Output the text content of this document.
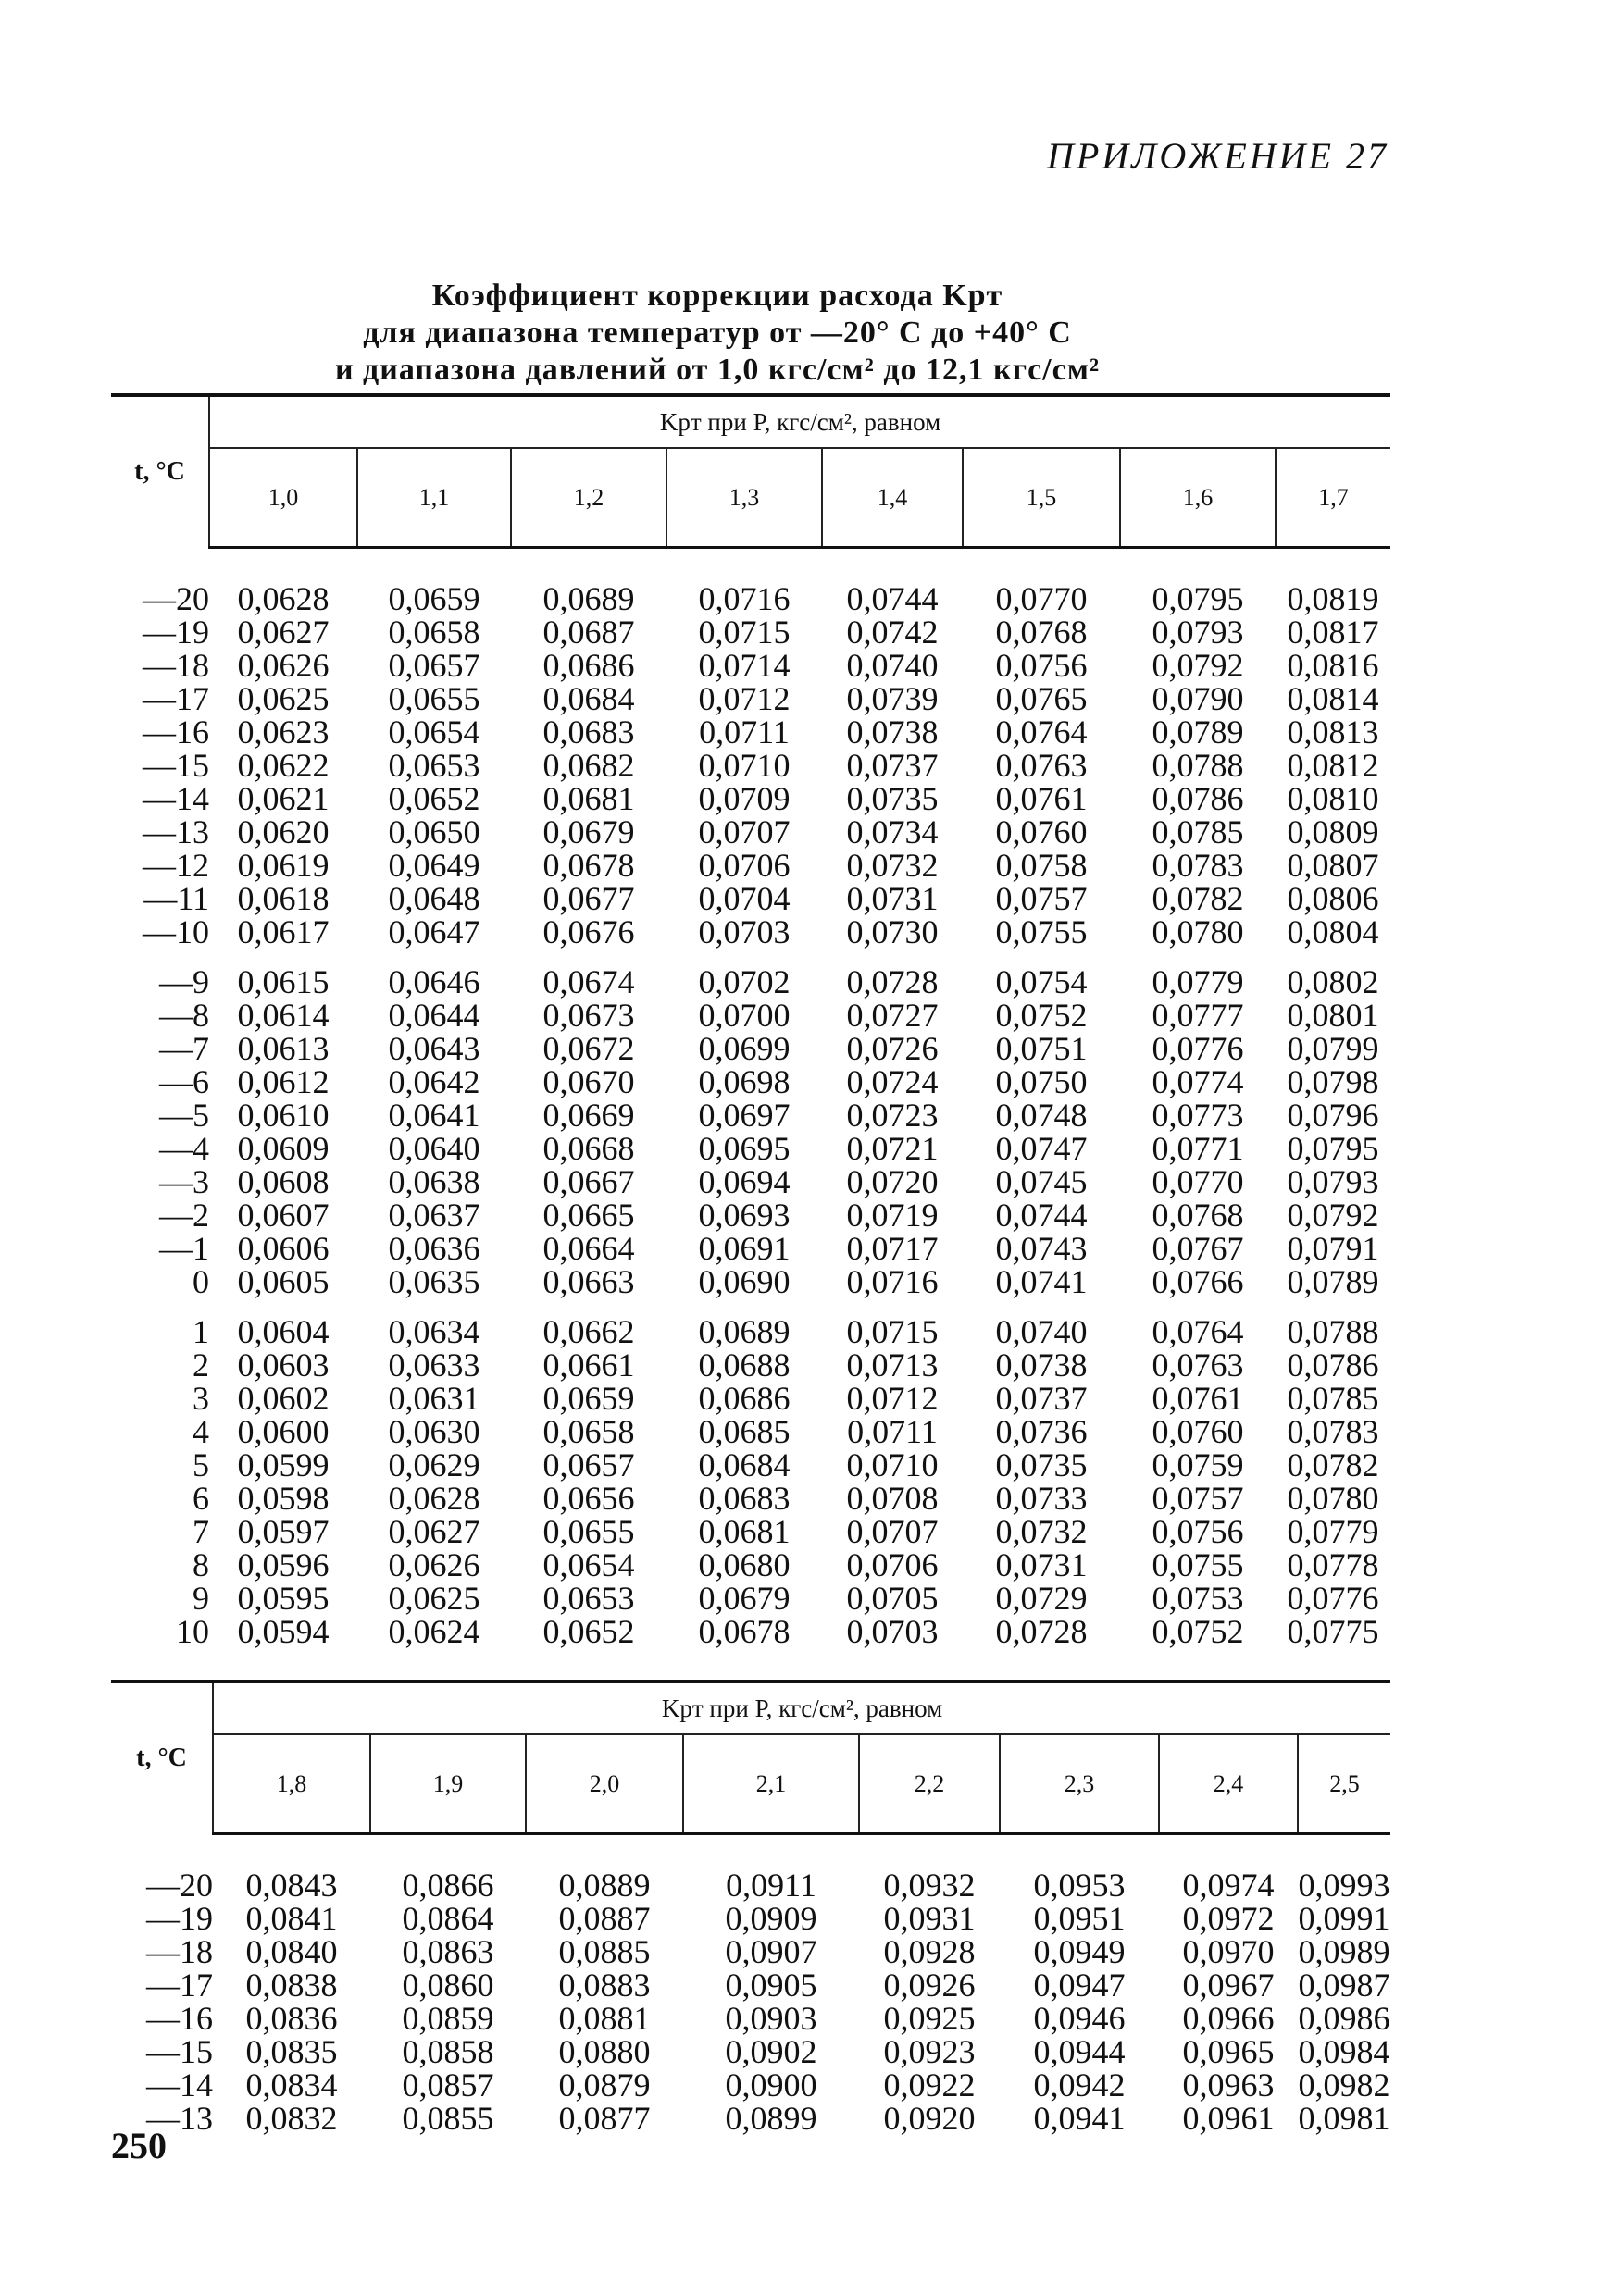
ПРИЛОЖЕНИЕ 27
Коэффициент коррекции расхода Kpт
для диапазона температур от —20° С до +40° С
и диапазона давлений от 1,0 кгс/см² до 12,1 кгс/см²
t, °C	Kpт при P, кгс/см², равном							
	1,0	1,1	1,2	1,3	1,4	1,5	1,6	1,7

—20	0,0628	0,0659	0,0689	0,0716	0,0744	0,0770	0,0795	0,0819
—19	0,0627	0,0658	0,0687	0,0715	0,0742	0,0768	0,0793	0,0817
—18	0,0626	0,0657	0,0686	0,0714	0,0740	0,0756	0,0792	0,0816
—17	0,0625	0,0655	0,0684	0,0712	0,0739	0,0765	0,0790	0,0814
—16	0,0623	0,0654	0,0683	0,0711	0,0738	0,0764	0,0789	0,0813
—15	0,0622	0,0653	0,0682	0,0710	0,0737	0,0763	0,0788	0,0812
—14	0,0621	0,0652	0,0681	0,0709	0,0735	0,0761	0,0786	0,0810
—13	0,0620	0,0650	0,0679	0,0707	0,0734	0,0760	0,0785	0,0809
—12	0,0619	0,0649	0,0678	0,0706	0,0732	0,0758	0,0783	0,0807
—11	0,0618	0,0648	0,0677	0,0704	0,0731	0,0757	0,0782	0,0806
—10	0,0617	0,0647	0,0676	0,0703	0,0730	0,0755	0,0780	0,0804

—9	0,0615	0,0646	0,0674	0,0702	0,0728	0,0754	0,0779	0,0802
—8	0,0614	0,0644	0,0673	0,0700	0,0727	0,0752	0,0777	0,0801
—7	0,0613	0,0643	0,0672	0,0699	0,0726	0,0751	0,0776	0,0799
—6	0,0612	0,0642	0,0670	0,0698	0,0724	0,0750	0,0774	0,0798
—5	0,0610	0,0641	0,0669	0,0697	0,0723	0,0748	0,0773	0,0796
—4	0,0609	0,0640	0,0668	0,0695	0,0721	0,0747	0,0771	0,0795
—3	0,0608	0,0638	0,0667	0,0694	0,0720	0,0745	0,0770	0,0793
—2	0,0607	0,0637	0,0665	0,0693	0,0719	0,0744	0,0768	0,0792
—1	0,0606	0,0636	0,0664	0,0691	0,0717	0,0743	0,0767	0,0791
0	0,0605	0,0635	0,0663	0,0690	0,0716	0,0741	0,0766	0,0789

1	0,0604	0,0634	0,0662	0,0689	0,0715	0,0740	0,0764	0,0788
2	0,0603	0,0633	0,0661	0,0688	0,0713	0,0738	0,0763	0,0786
3	0,0602	0,0631	0,0659	0,0686	0,0712	0,0737	0,0761	0,0785
4	0,0600	0,0630	0,0658	0,0685	0,0711	0,0736	0,0760	0,0783
5	0,0599	0,0629	0,0657	0,0684	0,0710	0,0735	0,0759	0,0782
6	0,0598	0,0628	0,0656	0,0683	0,0708	0,0733	0,0757	0,0780
7	0,0597	0,0627	0,0655	0,0681	0,0707	0,0732	0,0756	0,0779
8	0,0596	0,0626	0,0654	0,0680	0,0706	0,0731	0,0755	0,0778
9	0,0595	0,0625	0,0653	0,0679	0,0705	0,0729	0,0753	0,0776
10	0,0594	0,0624	0,0652	0,0678	0,0703	0,0728	0,0752	0,0775
t, °C	Kpт при P, кгс/см², равном							
	1,8	1,9	2,0	2,1	2,2	2,3	2,4	2,5

—20	0,0843	0,0866	0,0889	0,0911	0,0932	0,0953	0,0974	0,0993
—19	0,0841	0,0864	0,0887	0,0909	0,0931	0,0951	0,0972	0,0991
—18	0,0840	0,0863	0,0885	0,0907	0,0928	0,0949	0,0970	0,0989
—17	0,0838	0,0860	0,0883	0,0905	0,0926	0,0947	0,0967	0,0987
—16	0,0836	0,0859	0,0881	0,0903	0,0925	0,0946	0,0966	0,0986
—15	0,0835	0,0858	0,0880	0,0902	0,0923	0,0944	0,0965	0,0984
—14	0,0834	0,0857	0,0879	0,0900	0,0922	0,0942	0,0963	0,0982
—13	0,0832	0,0855	0,0877	0,0899	0,0920	0,0941	0,0961	0,0981
250
